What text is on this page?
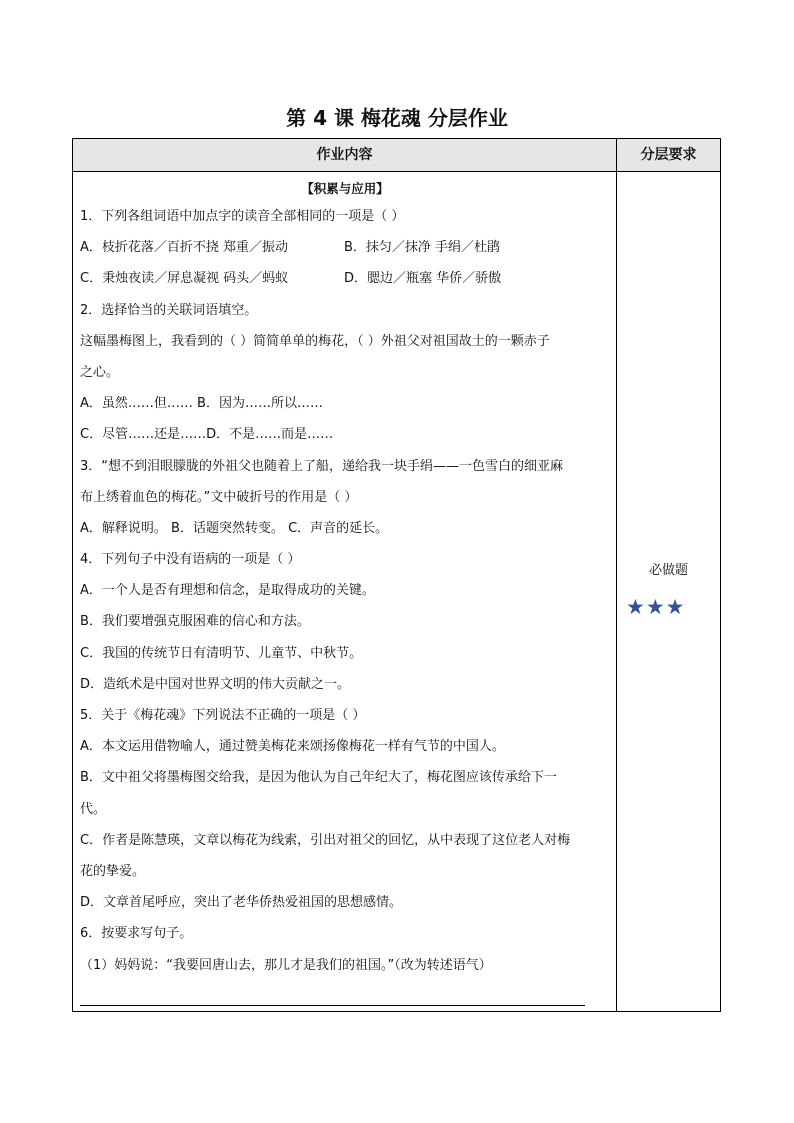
第 4 课 梅花魂 分层作业
作业内容	分层要求
【积累与应用】
1．下列各组词语中加点字的读音全部相同的一项是（ ）
A．枝折花落／百折不挠 郑重／振动	B．抹匀／抹净 手绢／杜鹃
C．秉烛夜读／屏息凝视 码头／蚂蚁	D．腮边／瓶塞 华侨／骄傲
2．选择恰当的关联词语填空。
这幅墨梅图上，我看到的（ ）简简单单的梅花，（ ）外祖父对祖国故土的一颗赤子
之心。
A．虽然……但…… B．因为……所以……
C．尽管……还是……D．不是……而是……
3．“想不到泪眼朦胧的外祖父也随着上了船，递给我一块手绢——一色雪白的细亚麻
布上绣着血色的梅花。”文中破折号的作用是（ ）
A．解释说明。 B．话题突然转变。 C．声音的延长。
4．下列句子中没有语病的一项是（ ）
A．一个人是否有理想和信念，是取得成功的关键。
B．我们要增强克服困难的信心和方法。
C．我国的传统节日有清明节、儿童节、中秋节。
D．造纸术是中国对世界文明的伟大贡献之一。
5．关于《梅花魂》下列说法不正确的一项是（ ）
A．本文运用借物喻人，通过赞美梅花来颂扬像梅花一样有气节的中国人。
B．文中祖父将墨梅图交给我，是因为他认为自己年纪大了，梅花图应该传承给下一
代。
C．作者是陈慧瑛，文章以梅花为线索，引出对祖父的回忆，从中表现了这位老人对梅
花的挚爱。
D．文章首尾呼应，突出了老华侨热爱祖国的思想感情。
6．按要求写句子。
（1）妈妈说：“我要回唐山去，那儿才是我们的祖国。”（改为转述语气）
必做题
★★★
